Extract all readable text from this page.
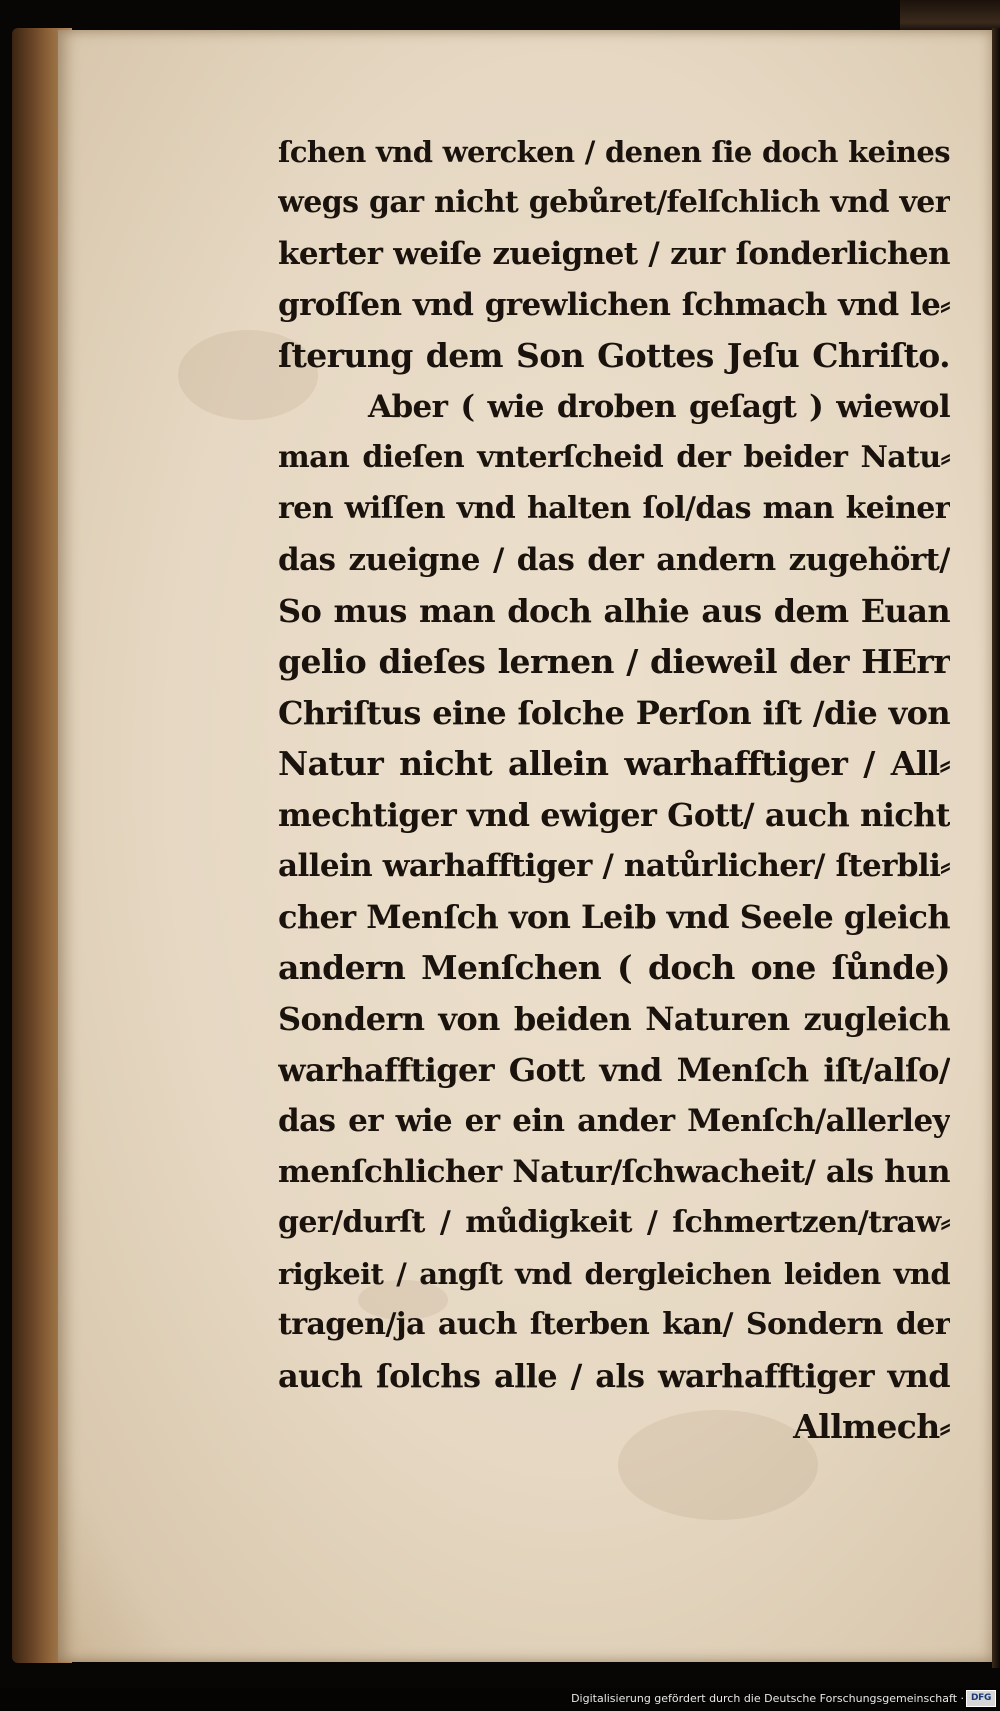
ſchen vnd wercken / denen ſie doch keines
wegs gar nicht gebůret/felſchlich vnd ver
kerter weiſe zueignet / zur ſonderlichen
groſſen vnd grewlichen ſchmach vnd le⸗
ſterung dem Son Gottes Jeſu Chriſto.
Aber ( wie droben geſagt ) wiewol
man dieſen vnterſcheid der beider Natu⸗
ren wiſſen vnd halten ſol/das man keiner
das zueigne / das der andern zugehört/
So mus man doch alhie aus dem Euan
gelio dieſes lernen / dieweil der HErr
Chriſtus eine ſolche Perſon iſt /die von
Natur nicht allein warhafftiger / All⸗
mechtiger vnd ewiger Gott/ auch nicht
allein warhafftiger / natůrlicher/ ſterbli⸗
cher Menſch von Leib vnd Seele gleich
andern Menſchen ( doch one ſůnde)
Sondern von beiden Naturen zugleich
warhafftiger Gott vnd Menſch iſt/alſo/
das er wie er ein ander Menſch/allerley
menſchlicher Natur/ſchwacheit/ als hun
ger/durſt / můdigkeit / ſchmertzen/traw⸗
rigkeit / angſt vnd dergleichen leiden vnd
tragen/ja auch ſterben kan/ Sondern der
auch ſolchs alle / als warhafftiger vnd
Allmech⸗
Digitalisierung gefördert durch die Deutsche Forschungsgemeinschaft · DFG
